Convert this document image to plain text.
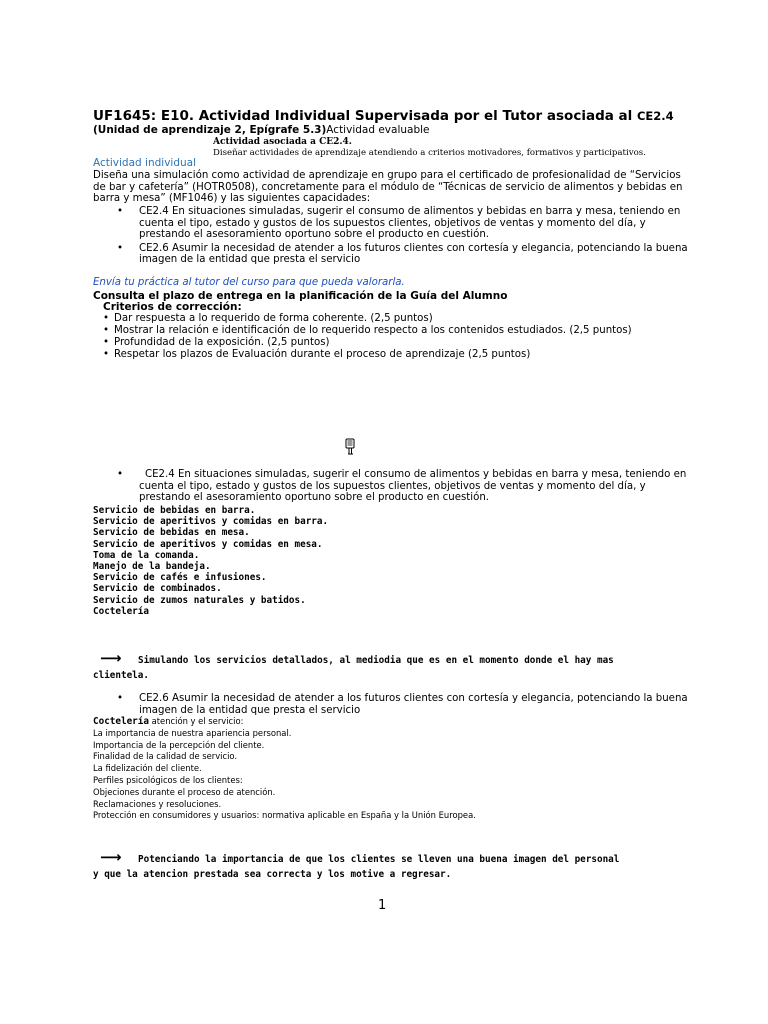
UF1645: E10. Actividad Individual Supervisada por el Tutor asociada al CE2.4
(Unidad de aprendizaje 2, Epígrafe 5.3)Actividad evaluable
Actividad asociada a CE2.4.
Diseñar actividades de aprendizaje atendiendo a criterios motivadores, formativos y participativos.
Actividad individual
Diseña una simulación como actividad de aprendizaje en grupo para el certificado de profesionalidad de “Servicios de bar y cafetería” (HOTR0508), concretamente para el módulo de “Técnicas de servicio de alimentos y bebidas en barra y mesa” (MF1046) y las siguientes capacidades:
• CE2.4 En situaciones simuladas, sugerir el consumo de alimentos y bebidas en barra y mesa, teniendo en cuenta el tipo, estado y gustos de los supuestos clientes, objetivos de ventas y momento del día, y prestando el asesoramiento oportuno sobre el producto en cuestión.
• CE2.6 Asumir la necesidad de atender a los futuros clientes con cortesía y elegancia, potenciando la buena imagen de la entidad que presta el servicio
Envía tu práctica al tutor del curso para que pueda valorarla.
Consulta el plazo de entrega en la planificación de la Guía del Alumno
Criterios de corrección:
• Dar respuesta a lo requerido de forma coherente. (2,5 puntos)
• Mostrar la relación e identificación de lo requerido respecto a los contenidos estudiados. (2,5 puntos)
• Profundidad de la exposición. (2,5 puntos)
• Respetar los plazos de Evaluación durante el proceso de aprendizaje (2,5 puntos)
• CE2.4 En situaciones simuladas, sugerir el consumo de alimentos y bebidas en barra y mesa, teniendo en cuenta el tipo, estado y gustos de los supuestos clientes, objetivos de ventas y momento del día, y prestando el asesoramiento oportuno sobre el producto en cuestión.
Servicio de bebidas en barra.
Servicio de aperitivos y comidas en barra.
Servicio de bebidas en mesa.
Servicio de aperitivos y comidas en mesa.
Toma de la comanda.
Manejo de la bandeja.
Servicio de cafés e infusiones.
Servicio de combinados.
Servicio de zumos naturales y batidos.
Coctelería
⟶ Simulando los servicios detallados, al mediodia que es en el momento donde el hay mas
clientela.
• CE2.6 Asumir la necesidad de atender a los futuros clientes con cortesía y elegancia, potenciando la buena imagen de la entidad que presta el servicio
Coctelería atención y el servicio:
La importancia de nuestra apariencia personal.
Importancia de la percepción del cliente.
Finalidad de la calidad de servicio.
La fidelización del cliente.
Perfiles psicológicos de los clientes:
Objeciones durante el proceso de atención.
Reclamaciones y resoluciones.
Protección en consumidores y usuarios: normativa aplicable en España y la Unión Europea.
⟶ Potenciando la importancia de que los clientes se lleven una buena imagen del personal
y que la atencion prestada sea correcta y los motive a regresar.
1
